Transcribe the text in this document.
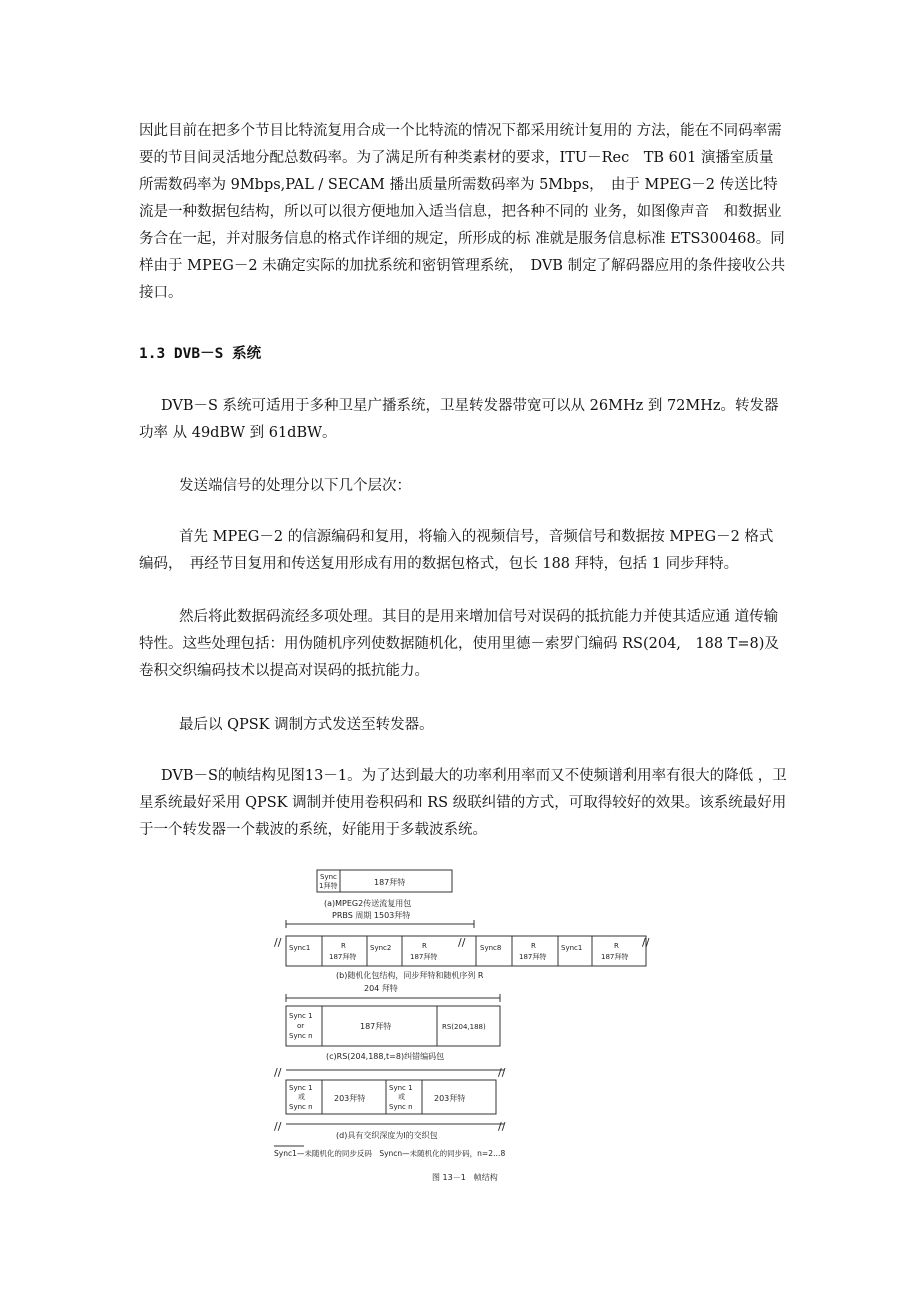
因此目前在把多个节目比特流复用合成一个比特流的情况下都采用统计复用的 方法，能在不同码率需要的节目间灵活地分配总数码率。为了满足所有种类素材的要求，ITU－Rec　TB 601 演播室质量所需数码率为 9Mbps,PAL / SECAM 播出质量所需数码率为 5Mbps，　由于 MPEG－2 传送比特流是一种数据包结构，所以可以很方便地加入适当信息，把各种不同的 业务，如图像声音　和数据业务合在一起，并对服务信息的格式作详细的规定，所形成的标 准就是服务信息标准 ETS300468。同样由于 MPEG－2 未确定实际的加扰系统和密钥管理系统，　DVB 制定了解码器应用的条件接收公共接口。

1.3 DVB－S 系统

DVB－S 系统可适用于多种卫星广播系统，卫星转发器带宽可以从 26MHz 到 72MHz。转发器功率 从 49dBW 到 61dBW。

发送端信号的处理分以下几个层次：

首先 MPEG－2 的信源编码和复用，将输入的视频信号，音频信号和数据按 MPEG－2 格式编码，　再经节目复用和传送复用形成有用的数据包格式，包长 188 拜特，包括 1 同步拜特。

然后将此数据码流经多项处理。其目的是用来增加信号对误码的抵抗能力并使其适应通 道传输特性。这些处理包括：用伪随机序列使数据随机化，使用里德－索罗门编码 RS(204,　188 T=8)及卷积交织编码技术以提高对误码的抵抗能力。

最后以 QPSK 调制方式发送至转发器。

DVB－S的帧结构见图13－1。为了达到最大的功率利用率而又不使频谱利用率有很大的降低 ，卫星系统最好采用 QPSK 调制并使用卷积码和 RS 级联纠错的方式，可取得较好的效果。该系统最好用于一个转发器一个载波的系统，好能用于多载波系统。

Sync
1拜特	187拜特
(a)MPEG2传送流复用包
PRBS 周期 1503拜特
// Sync1	R
187拜特
Sync2	R
187拜特
// Sync8	R
187拜特
Sync1	R
187拜特
//
(b)随机化包结构，同步拜特和随机序列 R
204 拜特
Sync 1
or
Sync n
187拜特	RS(204,188)
(c)RS(204,188,t=8)纠错编码包
//
Sync 1
或
Sync n
203拜特
Sync 1
或
Sync n
203拜特
//
//	//
(d)具有交织深度为I的交织包
Sync1—未随机化的同步反码　Syncn—未随机化的同步码，n=2…8
图 13－1　帧结构
